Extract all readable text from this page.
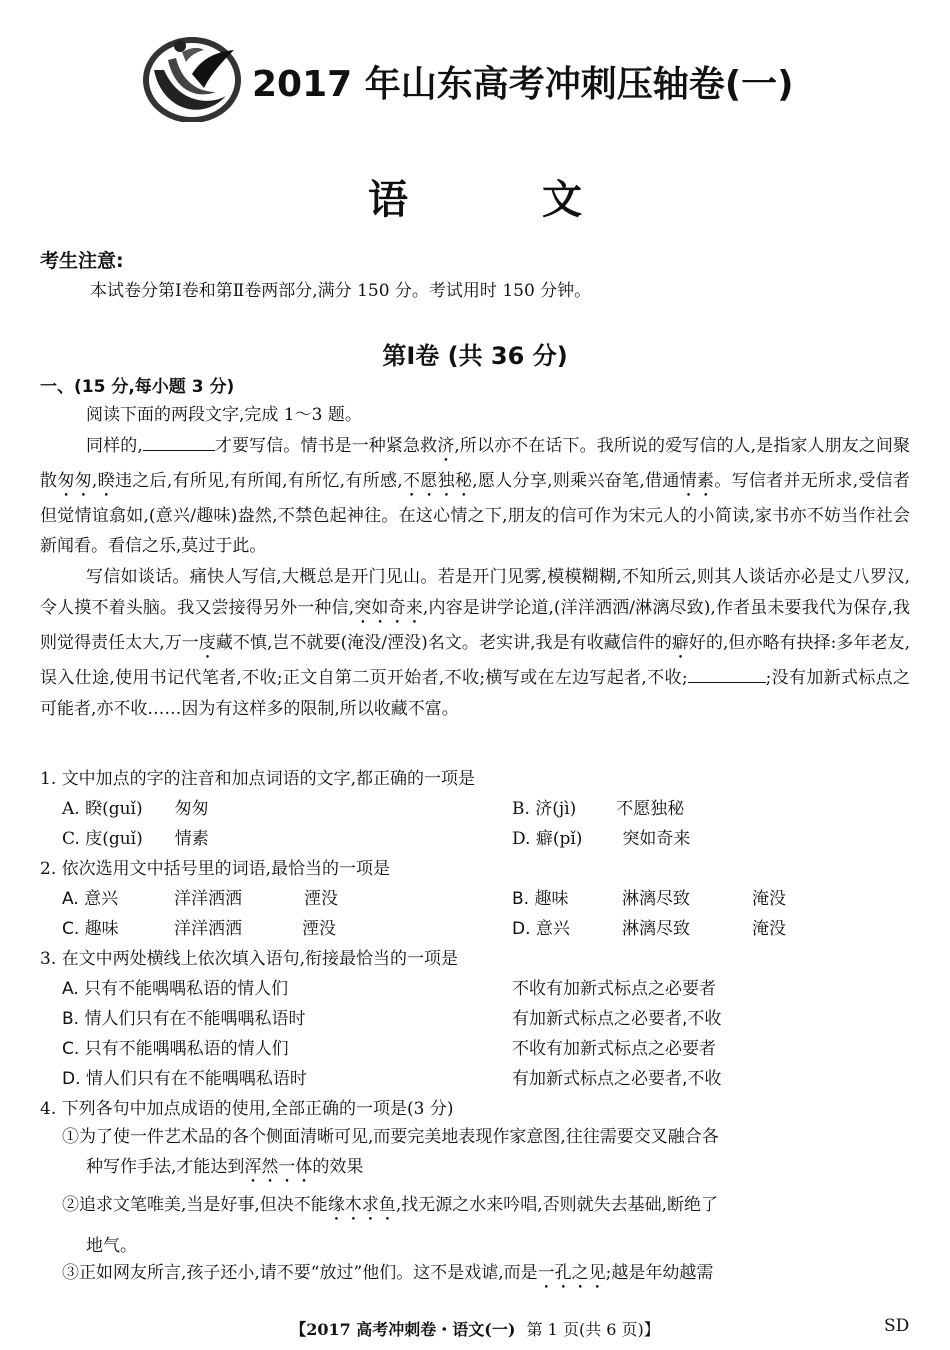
2017 年山东高考冲刺压轴卷(一)
语 文
考生注意:
本试卷分第Ⅰ卷和第Ⅱ卷两部分,满分 150 分。考试用时 150 分钟。
第Ⅰ卷 (共 36 分)
一、(15 分,每小题 3 分)

阅读下面的两段文字,完成 1～3 题。

同样的,	才要写信。情书是一种紧急救济,所以亦不在话下。我所说的爱写信的人,是指家人朋友之间聚散匆匆,睽违之后,有所见,有所闻,有所忆,有所感,不愿独秘,愿人分享,则乘兴奋笔,借通情素。写信者并无所求,受信者但觉情谊翕如,(意兴/趣味)盎然,不禁色起神往。在这心情之下,朋友的信可作为宋元人的小简读,家书亦不妨当作社会新闻看。看信之乐,莫过于此。

写信如谈话。痛快人写信,大概总是开门见山。若是开门见雾,模模糊糊,不知所云,则其人谈话亦必是丈八罗汉,令人摸不着头脑。我又尝接得另外一种信,突如奇来,内容是讲学论道,(洋洋洒洒/淋漓尽致),作者虽未要我代为保存,我则觉得责任太大,万一庋藏不慎,岂不就要(淹没/湮没)名文。老实讲,我是有收藏信件的癖好的,但亦略有抉择:多年老友,误入仕途,使用书记代笔者,不收;正文自第二页开始者,不收;横写或在左边写起者,不收;	;没有加新式标点之可能者,亦不收……因为有这样多的限制,所以收藏不富。

1. 文中加点的字的注音和加点词语的文字,都正确的一项是
A. 睽(guǐ) 匆匆	B. 济(jì) 不愿独秘
C. 庋(guǐ) 情素	D. 癖(pǐ) 突如奇来
2. 依次选用文中括号里的词语,最恰当的一项是
A. 意兴	洋洋洒洒	湮没	B. 趣味	淋漓尽致	淹没
C. 趣味	洋洋洒洒	湮没	D. 意兴	淋漓尽致	淹没
3. 在文中两处横线上依次填入语句,衔接最恰当的一项是
A. 只有不能喁喁私语的情人们	不收有加新式标点之必要者
B. 情人们只有在不能喁喁私语时	有加新式标点之必要者,不收
C. 只有不能喁喁私语的情人们	不收有加新式标点之必要者
D. 情人们只有在不能喁喁私语时	有加新式标点之必要者,不收
4. 下列各句中加点成语的使用,全部正确的一项是(3 分)
①为了使一件艺术品的各个侧面清晰可见,而要完美地表现作家意图,往往需要交叉融合各
种写作手法,才能达到浑然一体的效果
②追求文笔唯美,当是好事,但决不能缘木求鱼,找无源之水来吟唱,否则就失去基础,断绝了
地气。
③正如网友所言,孩子还小,请不要“放过”他们。这不是戏谑,而是一孔之见;越是年幼越需
【2017 高考冲刺卷・语文(一) 第 1 页(共 6 页)】	SD
